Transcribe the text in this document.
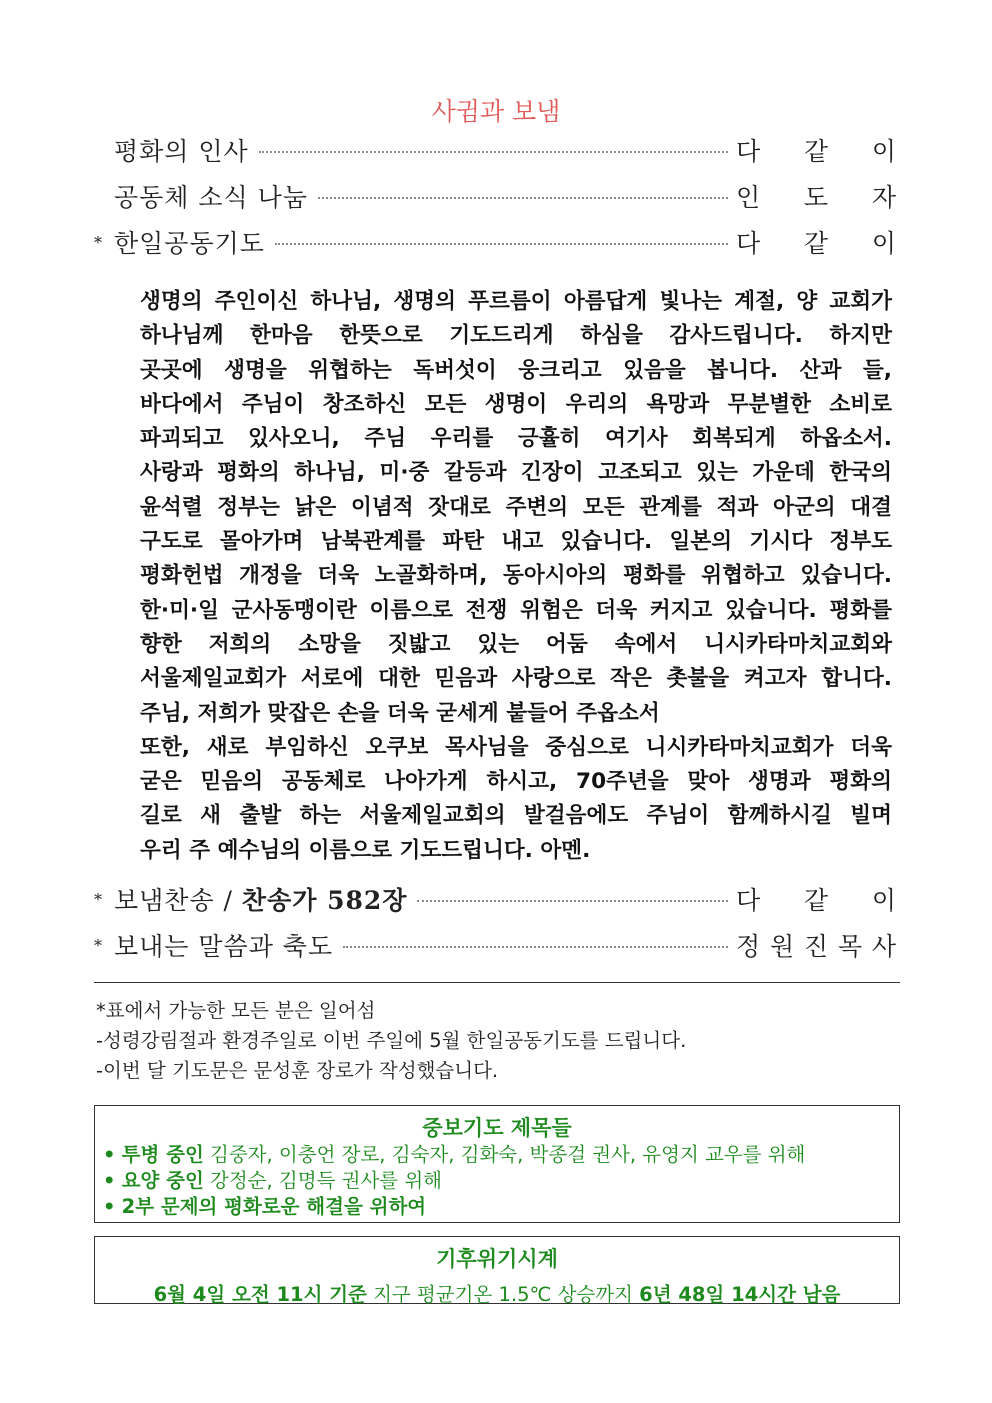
사귐과 보냄
평화의 인사	다 같 이
공동체 소식 나눔	인 도 자
* 한일공동기도	다 같 이
생명의 주인이신 하나님, 생명의 푸르름이 아름답게 빛나는 계절, 양 교회가
하나님께 한마음 한뜻으로 기도드리게 하심을 감사드립니다. 하지만
곳곳에 생명을 위협하는 독버섯이 웅크리고 있음을 봅니다. 산과 들,
바다에서 주님이 창조하신 모든 생명이 우리의 욕망과 무분별한 소비로
파괴되고 있사오니, 주님 우리를 긍휼히 여기사 회복되게 하옵소서.
사랑과 평화의 하나님, 미·중 갈등과 긴장이 고조되고 있는 가운데 한국의
윤석렬 정부는 낡은 이념적 잣대로 주변의 모든 관계를 적과 아군의 대결
구도로 몰아가며 남북관계를 파탄 내고 있습니다. 일본의 기시다 정부도
평화헌법 개정을 더욱 노골화하며, 동아시아의 평화를 위협하고 있습니다.
한·미·일 군사동맹이란 이름으로 전쟁 위험은 더욱 커지고 있습니다. 평화를
향한 저희의 소망을 짓밟고 있는 어둠 속에서 니시카타마치교회와
서울제일교회가 서로에 대한 믿음과 사랑으로 작은 촛불을 켜고자 합니다.
주님, 저희가 맞잡은 손을 더욱 굳세게 붙들어 주옵소서
또한, 새로 부임하신 오쿠보 목사님을 중심으로 니시카타마치교회가 더욱
굳은 믿음의 공동체로 나아가게 하시고, 70주년을 맞아 생명과 평화의
길로 새 출발 하는 서울제일교회의 발걸음에도 주님이 함께하시길 빌며
우리 주 예수님의 이름으로 기도드립니다. 아멘.
* 보냄찬송 / 찬송가 582장	다 같 이
* 보내는 말씀과 축도	정 원 진 목 사
*표에서 가능한 모든 분은 일어섬
-성령강림절과 환경주일로 이번 주일에 5월 한일공동기도를 드립니다.
-이번 달 기도문은 문성훈 장로가 작성했습니다.
중보기도 제목들
• 투병 중인 김중자, 이충언 장로, 김숙자, 김화숙, 박종걸 권사, 유영지 교우를 위해
• 요양 중인 강정순, 김명득 권사를 위해
• 2부 문제의 평화로운 해결을 위하여
기후위기시계
6월 4일 오전 11시 기준 지구 평균기온 1.5℃ 상승까지 6년 48일 14시간 남음
